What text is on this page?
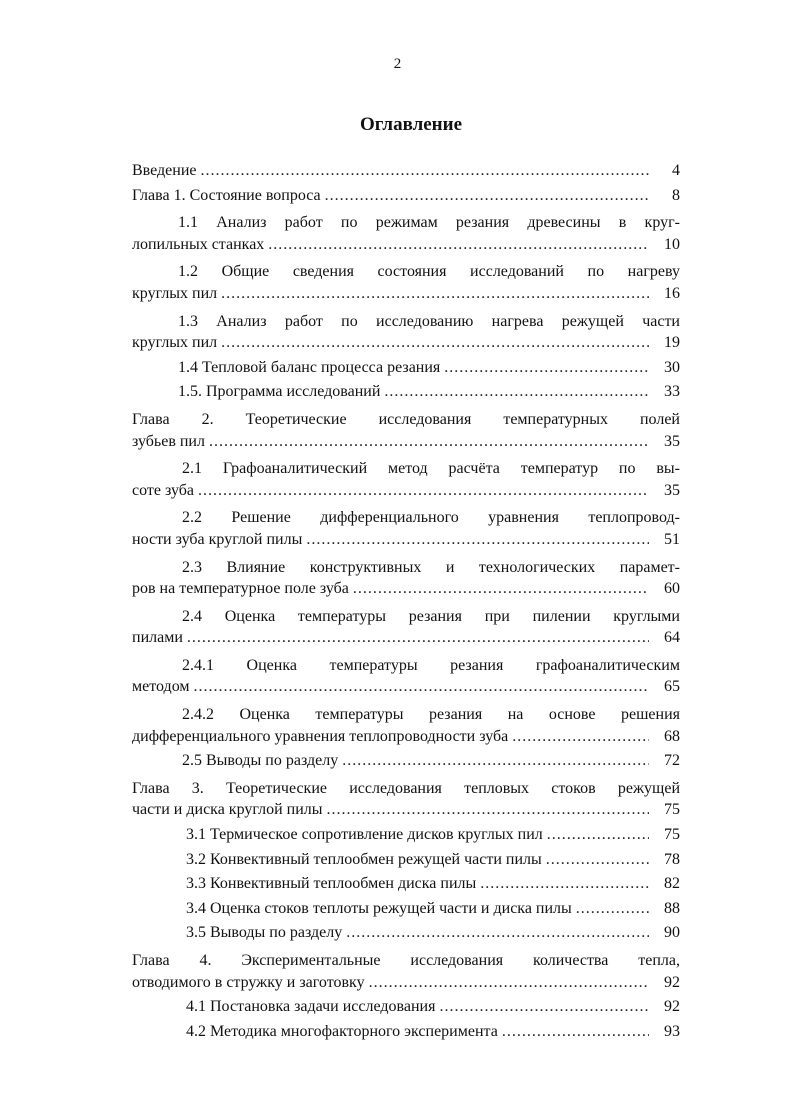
2
Оглавление
Введение .....	4
Глава 1. Состояние вопроса .....	8
1.1 Анализ работ по режимам резания древесины в круг-
лопильных станках .....	10
1.2 Общие сведения состояния исследований по нагреву
круглых пил .....	16
1.3 Анализ работ по исследованию нагрева режущей части
круглых пил .....	19
1.4 Тепловой баланс процесса резания .....	30
1.5. Программа исследований .....	33
Глава 2. Теоретические исследования температурных полей
зубьев пил .....	35
2.1 Графоаналитический метод расчёта температур по вы-
соте зуба .....	35
2.2 Решение дифференциального уравнения теплопровод-
ности зуба круглой пилы .....	51
2.3 Влияние конструктивных и технологических парамет-
ров на температурное поле зуба .....	60
2.4 Оценка температуры резания при пилении круглыми
пилами .....	64
2.4.1 Оценка температуры резания графоаналитическим
методом .....	65
2.4.2 Оценка температуры резания на основе решения
дифференциального уравнения теплопроводности зуба .....	68
2.5 Выводы по разделу .....	72
Глава 3. Теоретические исследования тепловых стоков режущей
части и диска круглой пилы .....	75
3.1 Термическое сопротивление дисков круглых пил .....	75
3.2 Конвективный теплообмен режущей части пилы .....	78
3.3 Конвективный теплообмен диска пилы .....	82
3.4 Оценка стоков теплоты режущей части и диска пилы .....	88
3.5 Выводы по разделу .....	90
Глава 4. Экспериментальные исследования количества тепла,
отводимого в стружку и заготовку .....	92
4.1 Постановка задачи исследования .....	92
4.2 Методика многофакторного эксперимента .....	93
